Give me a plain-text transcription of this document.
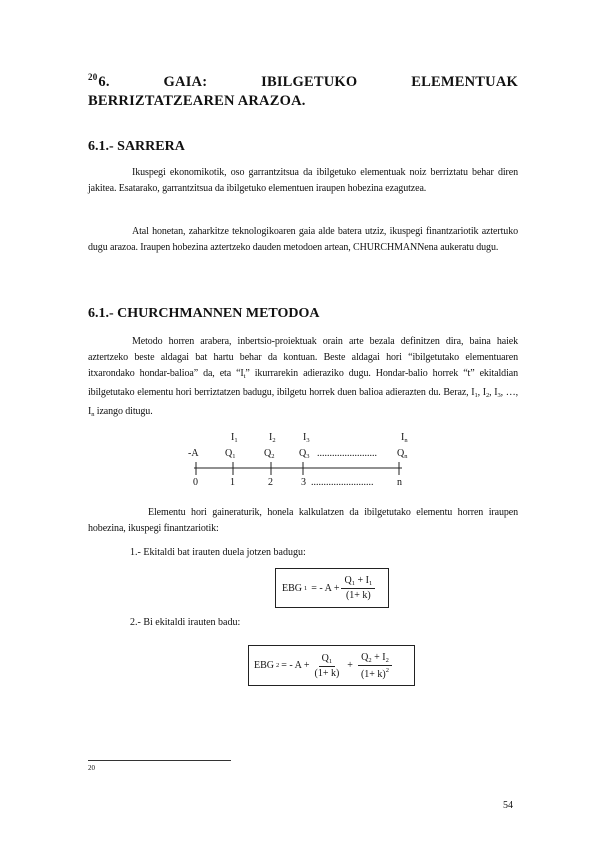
$^{20}$6. GAIA: IBILGETUKO ELEMENTUAK BERRIZTATZEAREN ARAZOA.
6.1.- SARRERA

Ikuspegi ekonomikotik, oso garrantzitsua da ibilgetuko elementuak noiz berriztatu behar diren jakitea. Esatarako, garrantzitsua da ibilgetuko elementuen iraupen hobezina ezagutzea.

Atal honetan, zaharkitze teknologikoaren gaia alde batera utziz, ikuspegi finantzariotik aztertuko dugu arazoa. Iraupen hobezina aztertzeko dauden metodoen artean, CHURCHMANNena aukeratu dugu.

6.1.- CHURCHMANNEN METODOA

Metodo horren arabera, inbertsio-proiektuak orain arte bezala definitzen dira, baina haiek aztertzeko beste aldagai bat hartu behar da kontuan. Beste aldagai hori “ibilgetutako elementuaren itxarondako hondar-balioa” da, eta “$I_t$” ikurrarekin adieraziko dugu. Hondar-balio horrek “t” ekitaldian ibilgetutako elementu hori berriztatzen badugu, ibilgetu horrek duen balioa adierazten du. Beraz, $I_1$, $I_2$, $I_3$, …, $I_n$ izango ditugu.

$I_1$	$I_2$	$I_3$	$I_n$
-A	$Q_1$	$Q_2$ $Q_3$ ........................ $Q_n$
0	1	2	3 ......................... n

Elementu hori gaineraturik, honela kalkulatzen da ibilgetutako elementu horren iraupen hobezina, ikuspegi finantzariotik:

1.- Ekitaldi bat irauten duela jotzen badugu:
EBG 1 = - $A + \frac{Q_1 + I_1}{(1+ k)}$
2.- Bi ekitaldi irauten badu:
EBG 2 = - $A + \frac{Q_1}{(1+ k)} + \frac{Q_2 + I_2}{(1+ k)^2}$
20
54
